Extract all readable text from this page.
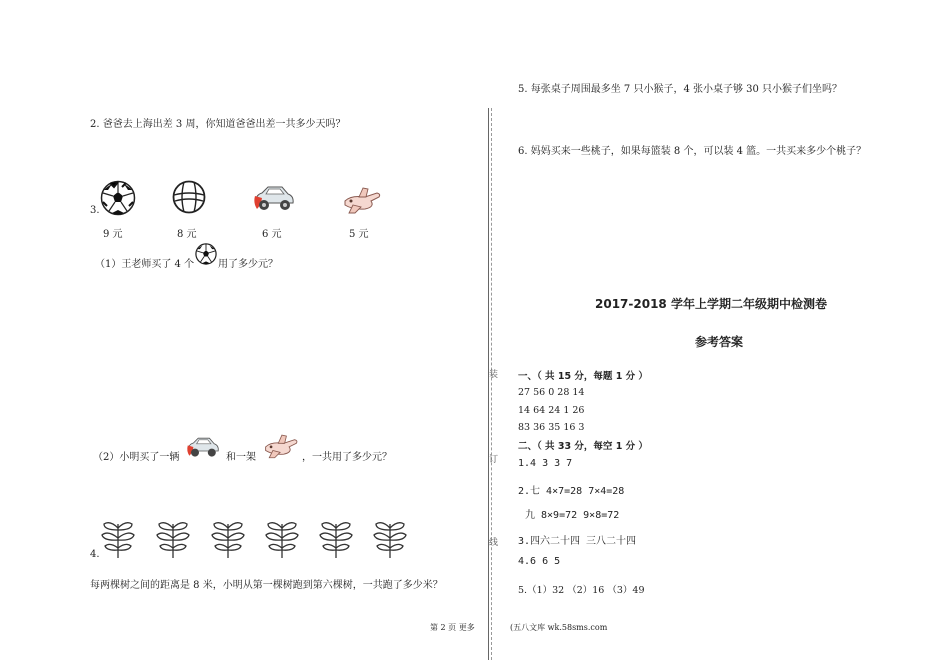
2. 爸爸去上海出差 3 周，你知道爸爸出差一共多少天吗？
3.
9 元	8 元	6 元	5 元
（1）王老师买了 4 个 用了多少元？
（2）小明买了一辆	和一架	，一共用了多少元？
4.
每两棵树之间的距离是 8 米，小明从第一棵树跑到第六棵树，一共跑了多少米？
第 2 页 更多
装
订
线
5. 每张桌子周围最多坐 7 只小猴子，4 张小桌子够 30 只小猴子们坐吗？
6. 妈妈买来一些桃子，如果每篮装 8 个，可以装 4 篮。一共买来多少个桃子？
2017-2018 学年上学期二年级期中检测卷
参考答案
一、（ 共 15 分，每题 1 分 ）
27 56 0 28 14
14 64 24 1 26
83 36 35 16 3
二、（ 共 33 分，每空 1 分 ）
1.4 3 3 7
2.七 4×7=28 7×4=28
九 8×9=72 9×8=72
3.四六二十四 三八二十四
4.6 6 5
5.（1）32 （2）16 （3）49
(五八文库 wk.58sms.com
